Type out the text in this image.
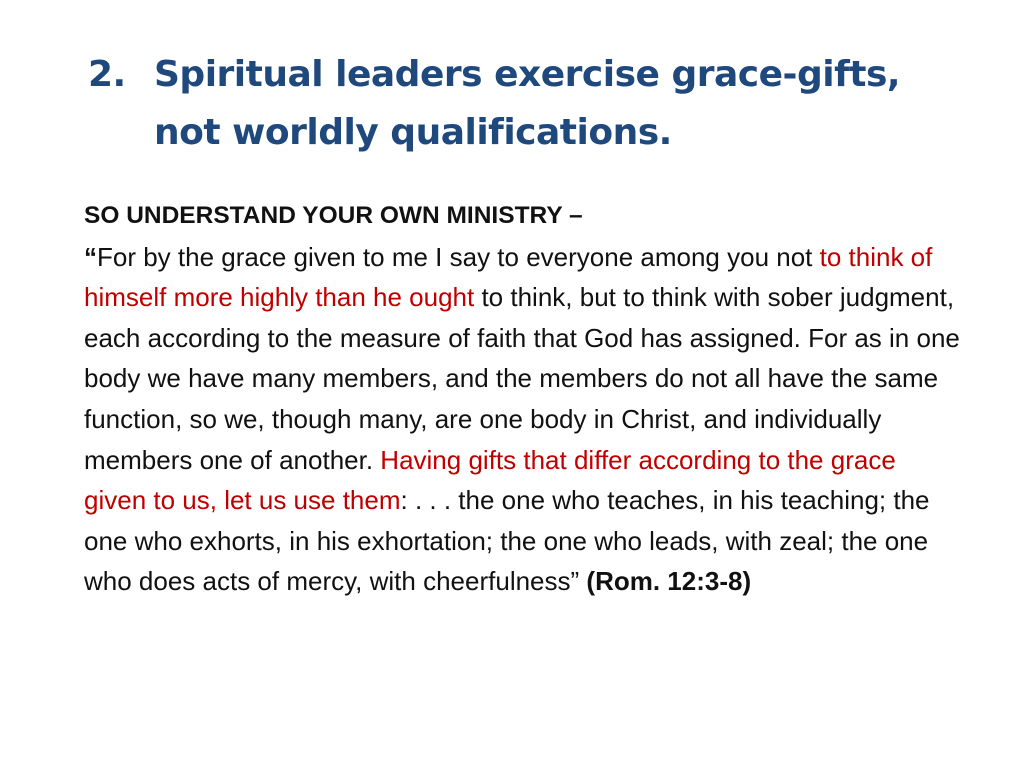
2. Spiritual leaders exercise grace-gifts,
not worldly qualifications.
SO UNDERSTAND YOUR OWN MINISTRY –
“For by the grace given to me I say to everyone among you not to think of himself more highly than he ought to think, but to think with sober judgment, each according to the measure of faith that God has assigned. For as in one body we have many members, and the members do not all have the same function, so we, though many, are one body in Christ, and individually members one of another. Having gifts that differ according to the grace given to us, let us use them: . . . the one who teaches, in his teaching; the one who exhorts, in his exhortation; the one who leads, with zeal; the one who does acts of mercy, with cheerfulness” (Rom. 12:3-8)
